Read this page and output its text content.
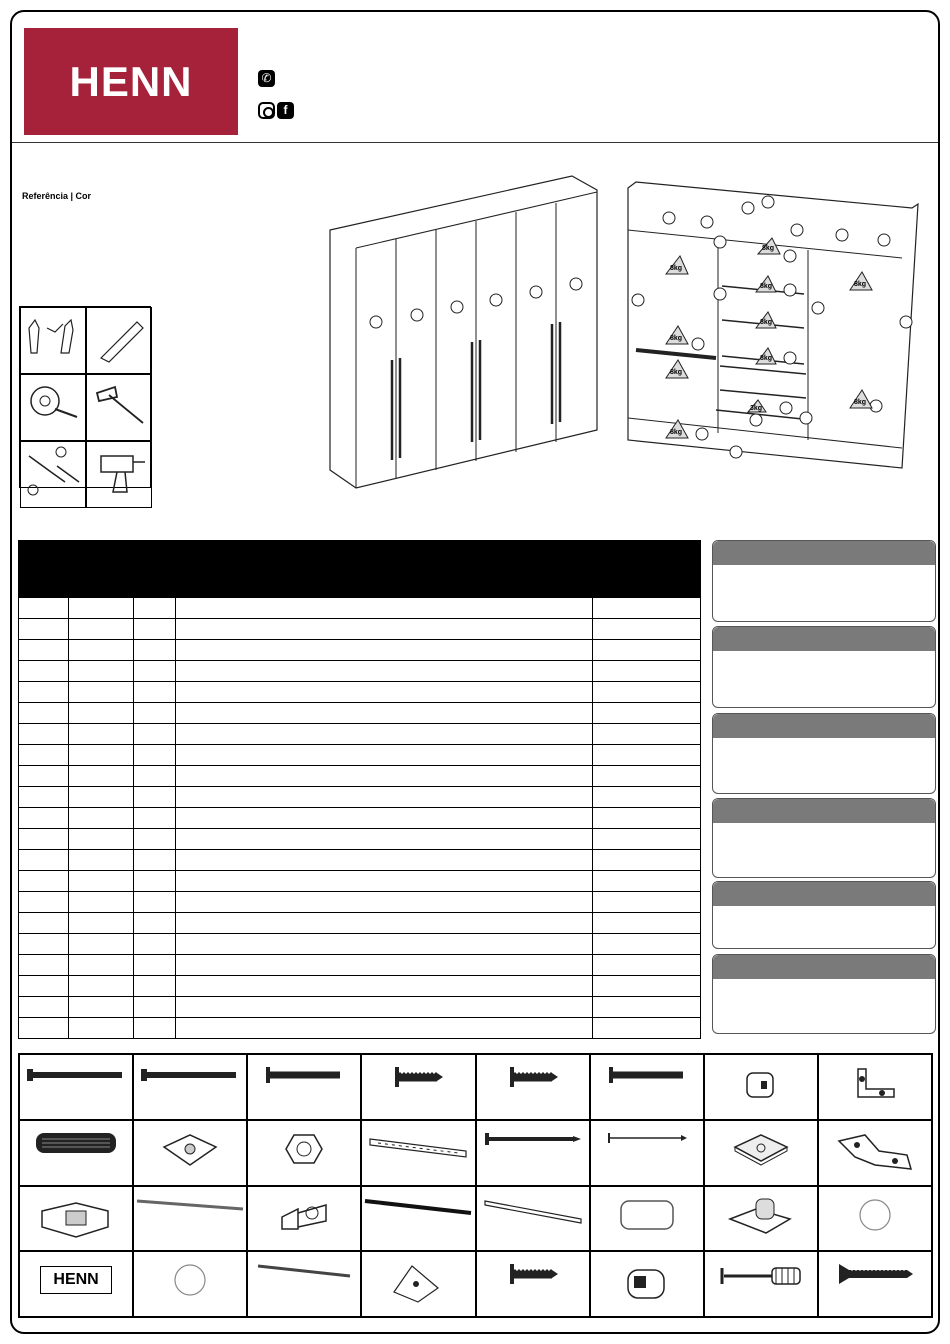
HENN	✆
f
Referência | Cor
8kg
8kg
8kg
8kg
8kg
8kg
8kg
3kg
8kg
8kg
8kg

HENN
